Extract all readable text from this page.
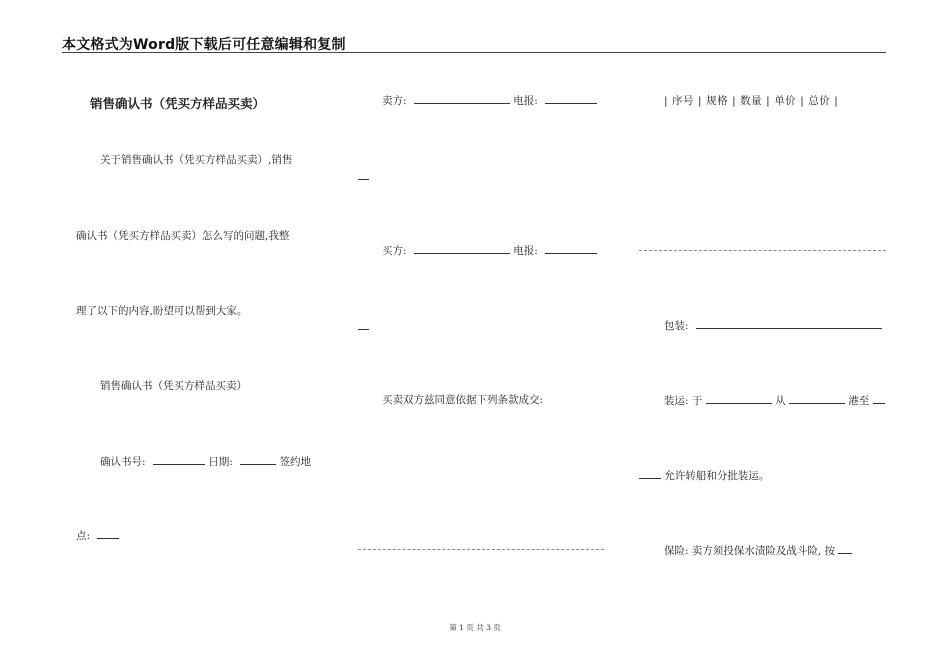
本文格式为Word版下载后可任意编辑和复制
销售确认书（凭买方样品买卖）
关于销售确认书（凭买方样品买卖）,销售
确认书（凭买方样品买卖）怎么写的问题,我整
理了以下的内容,盼望可以帮到大家。
销售确认书（凭买方样品买卖）
确认书号:	日期:	签约地
点:
卖方:	电报:
买方:	电报:
买卖双方兹同意依据下列条款成交:
| 序号 | 规格 | 数量 | 单价 | 总价 |
包装:
装运: 于	从	港至
允许转船和分批装运。
保险: 卖方须投保水渍险及战斗险, 按
第 1 页 共 3 页
